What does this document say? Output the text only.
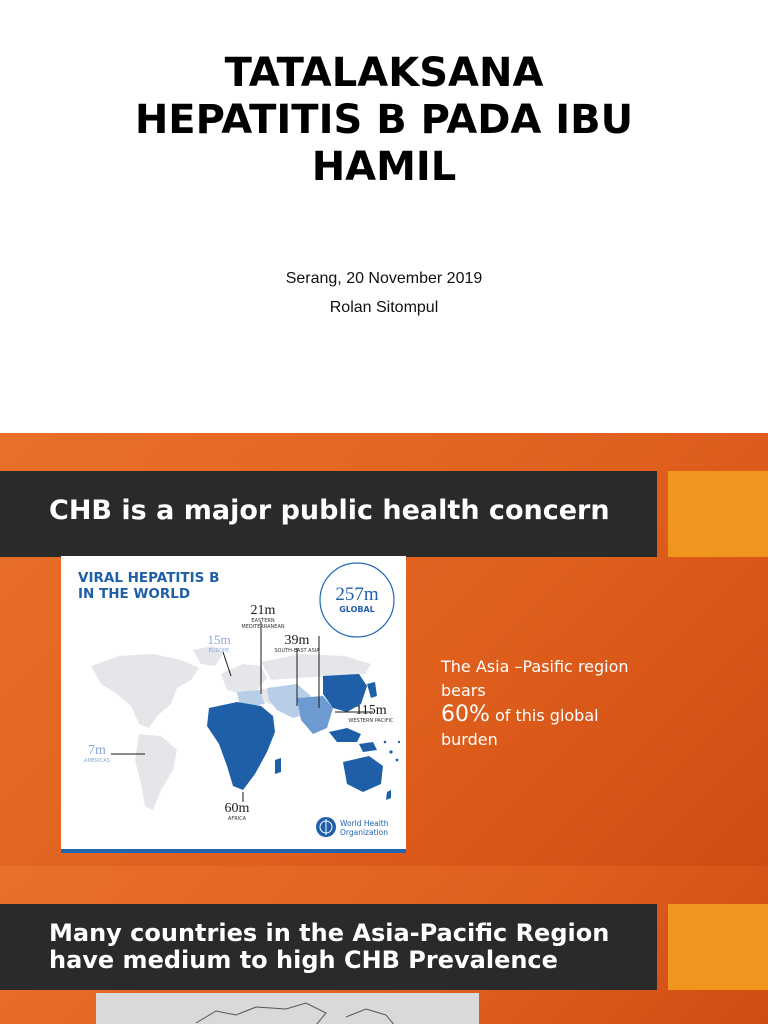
TATALAKSANA
HEPATITIS B PADA IBU
HAMIL
Serang, 20 November 2019
Rolan Sitompul
CHB is a major public health concern
257m
GLOBAL
21m
EASTERN
MEDITERRANEAN
15m
EUROPE
39m
SOUTH-EAST ASIA
115m
WESTERN PACIFIC
7m
AMERICAS
60m
AFRICA	World Health
Organization
VIRAL HEPATITIS B
IN THE WORLD
The Asia –Pasific region
bears
60% of this global
burden
Many countries in the Asia-Pacific Region
have medium to high CHB Prevalence
